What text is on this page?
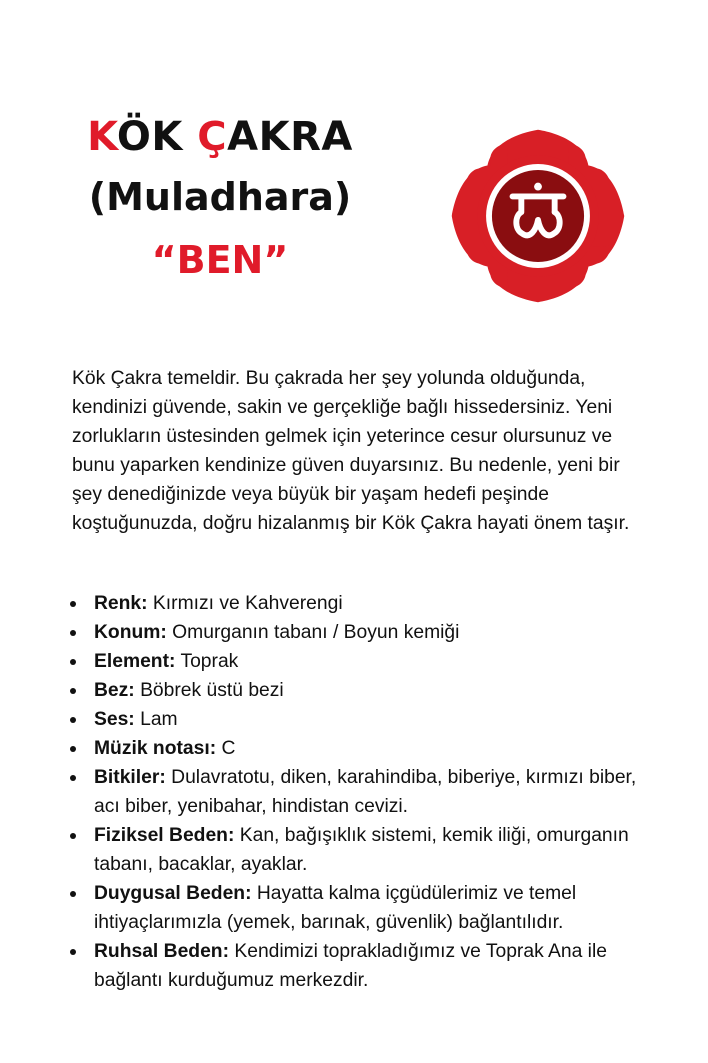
KÖK ÇAKRA
(Muladhara)
“BEN”

Kök Çakra temeldir. Bu çakrada her şey yolunda olduğunda, kendinizi güvende, sakin ve gerçekliğe bağlı hissedersiniz. Yeni zorlukların üstesinden gelmek için yeterince cesur olursunuz ve bunu yaparken kendinize güven duyarsınız. Bu nedenle, yeni bir şey denediğinizde veya büyük bir yaşam hedefi peşinde koştuğunuzda, doğru hizalanmış bir Kök Çakra hayati önem taşır.

Renk: Kırmızı ve Kahverengi
Konum: Omurganın tabanı / Boyun kemiği
Element: Toprak
Bez: Böbrek üstü bezi
Ses: Lam
Müzik notası: C
Bitkiler: Dulavratotu, diken, karahindiba, biberiye, kırmızı biber, acı biber, yenibahar, hindistan cevizi.
Fiziksel Beden: Kan, bağışıklık sistemi, kemik iliği, omurganın tabanı, bacaklar, ayaklar.
Duygusal Beden: Hayatta kalma içgüdülerimiz ve temel ihtiyaçlarımızla (yemek, barınak, güvenlik) bağlantılıdır.
Ruhsal Beden: Kendimizi toprakladığımız ve Toprak Ana ile bağlantı kurduğumuz merkezdir.
